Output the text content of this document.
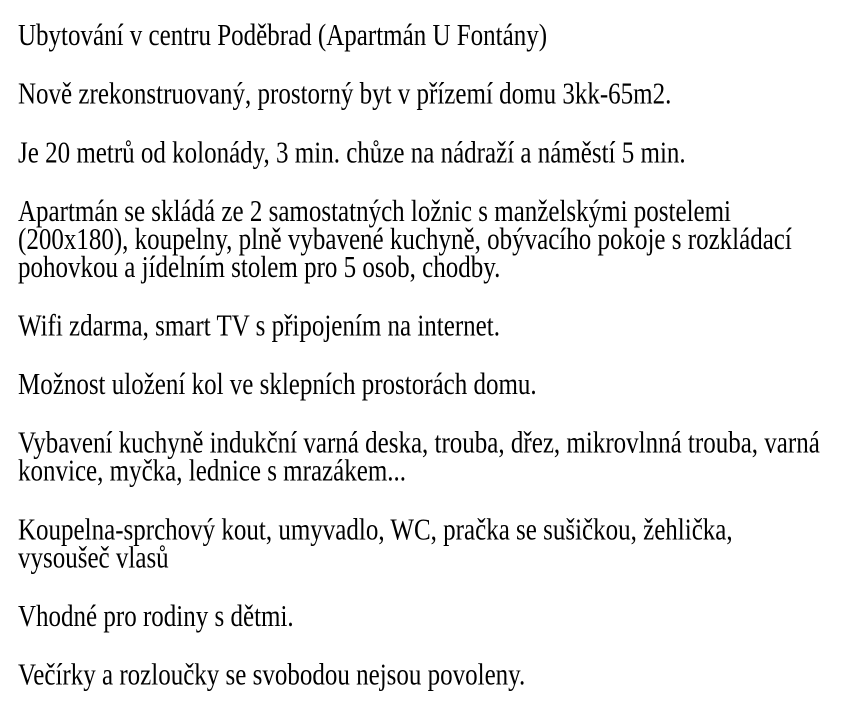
Ubytování v centru Poděbrad (Apartmán U Fontány)

Nově zrekonstruovaný, prostorný byt v přízemí domu 3kk-65m2.

Je 20 metrů od kolonády, 3 min. chůze na nádraží a náměstí 5 min.

Apartmán se skládá ze 2 samostatných ložnic s manželskými postelemi
(200x180), koupelny, plně vybavené kuchyně, obývacího pokoje s rozkládací
pohovkou a jídelním stolem pro 5 osob, chodby.

Wifi zdarma, smart TV s připojením na internet.

Možnost uložení kol ve sklepních prostorách domu.

Vybavení kuchyně indukční varná deska, trouba, dřez, mikrovlnná trouba, varná
konvice, myčka, lednice s mrazákem...

Koupelna-sprchový kout, umyvadlo, WC, pračka se sušičkou, žehlička,
vysoušeč vlasů

Vhodné pro rodiny s dětmi.

Večírky a rozloučky se svobodou nejsou povoleny.
